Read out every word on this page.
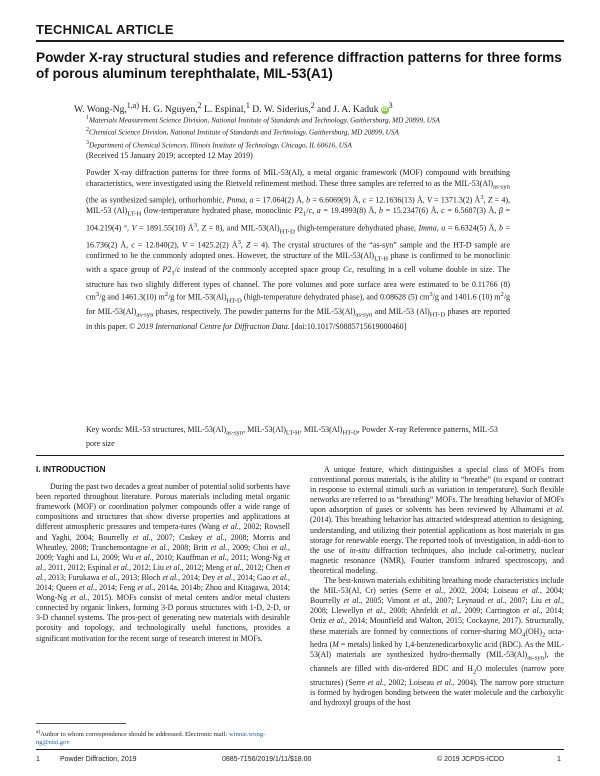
TECHNICAL ARTICLE
Powder X-ray structural studies and reference diffraction patterns for three forms of porous aluminum terephthalate, MIL-53(A1)
W. Wong-Ng,$^{1,a)}$ H. G. Nguyen,$^2$ L. Espinal,$^1$ D. W. Siderius,$^2$ and J. A. Kaduk $iD^3$
$^1$Materials Measurement Science Division, National Institute of Standards and Technology, Gaithersburg, MD 20899, USA
$^2$Chemical Science Division, National Institute of Standards and Technology, Gaithersburg, MD 20899, USA
$^3$Department of Chemical Sciences, Illinois Institute of Technology, Chicago, IL 60616, USA
(Received 15 January 2019; accepted 12 May 2019)

Powder X-ray diffraction patterns for three forms of MIL-53(Al), a metal organic framework (MOF) compound with breathing characteristics, were investigated using the Rietveld refinement method. These three samples are referred to as the MIL-$53(Al)_{as-syn}$ (the as synthesized sample), orthorhombic, Pnma, a = 17.064(2) Å, b = 6.6069(9) Å, c = 12.1636(13) Å, V = 1371.3(2) $Å^3$, Z = 4), MIL-53 $(Al)_{LT-H}$ (low-temperature hydrated phase, monoclinic $P2_1/c$, a = 19.4993(8) Å, b = 15.2347(6) Å, c = 6.5687(3) Å, β = 104.219(4) °, V = 1891.55(10) $Å^3$, Z = 8), and MIL-$53(Al)_{HT-D}$ (high-temperature dehydrated phase, Imma, a = 6.6324(5) Å, b = 16.736(2) Å, c = 12.840(2), V = 1425.2(2) $Å^3$, Z = 4). The crystal structures of the “as-syn” sample and the HT-D sample are confirmed to be the commonly adopted ones. However, the structure of the MIL-$53(Al)_{LT-H}$ phase is confirmed to be monoclinic with a space group of $P2_1/c$ instead of the commonly accepted space group Cc, resulting in a cell volume double in size. The structure has two slightly different types of channel. The pore volumes and pore surface area were estimated to be 0.11766 (8) $cm^3/g$ and 1461.3(10) $m^2/g$ for MIL-$53(Al)_{HT-D}$ (high-temperature dehydrated phase), and 0.08628 (5) $cm^3/g$ and 1401.6 (10) $m^2/g$ for MIL-$53(Al)_{as-syn}$ phases, respectively. The powder patterns for the MIL-$53(Al)_{as-syn}$ and MIL-53 $(Al)_{HT-D}$ phases are reported in this paper. © 2019 International Centre for Diffraction Data. [doi:10.1017/S0885715619000460]

Key words: MIL-53 structures, MIL-$53(Al)_{as-syn}$, MIL-$53(Al)_{LT-H}$, MIL-$53(Al)_{HT-D}$, Powder X-ray Reference patterns, MIL-53 pore size

I. INTRODUCTION

During the past two decades a great number of potential solid sorbents have been reported throughout literature. Porous materials including metal organic framework (MOF) or coordination polymer compounds offer a wide range of compositions and structures that show diverse properties and applications at different atmospheric pressures and tempera-tures (Wang et al., 2002; Rowsell and Yaghi, 2004; Bourrelly et al., 2007; Caskey et al., 2008; Morris and Wheatley, 2008; Tranchemontagne et al., 2008; Britt et al., 2009; Choi et al., 2009; Yaghi and Li, 2009; Wu et al., 2010; Kauffman et al., 2011; Wong-Ng et al., 2011, 2012; Espinal et al., 2012; Liu et al., 2012; Meng et al., 2012; Chen et al., 2013; Furukawa et al., 2013; Bloch et al., 2014; Dey et al., 2014; Gao et al., 2014; Queen et al., 2014; Feng et al., 2014a, 2014b; Zhou and Kitagawa, 2014; Wong-Ng et al., 2015). MOFs consist of metal centers and/or metal clusters connected by organic linkers, forming 3-D porous structures with 1-D, 2-D, or 3-D channel systems. The pros-pect of generating new materials with desirable porosity and topology, and technologically useful functions, provides a significant motivation for the recent surge of research interest in MOFs.

A unique feature, which distinguishes a special class of MOFs from conventional porous materials, is the ability to “breathe” (to expand or contract in response to external stimuli such as variation in temperature). Such flexible networks are referred to as “breathing” MOFs. The breathing behavior of MOFs upon adsorption of gases or solvents has been reviewed by Alhamami et al. (2014). This breathing behavior has attracted widespread attention to designing, understanding, and utilizing their potential applications as host materials in gas storage for renewable energy. The reported tools of investigation, in addi-tion to the use of in-situ diffraction techniques, also include cal-orimetry, nuclear magnetic resonance (NMR), Fourier transform infrared spectroscopy, and theoretical modeling.

The best-known materials exhibiting breathing mode characteristics include the MIL-53(Al, Cr) series (Serre et al., 2002, 2004; Loiseau et al., 2004; Bourrelly et al., 2005; Vimont et al., 2007; Leynaud et al., 2007; Liu et al., 2008; Llewellyn et al., 2008; Ahnfeldt et al., 2009; Carrington et al., 2014; Ortiz et al., 2014; Mounfield and Walton, 2015; Cockayne, 2017). Structurally, these materials are formed by connections of corner-sharing $MO_4(OH)_2$ octa-hedra (M = metals) linked by 1,4-benzenedicarboxylic acid (BDC). As the MIL-53(Al) materials are synthesized hydro-thermally $(MIL-53(Al)_{as-syn})$, the channels are filled with dis-ordered BDC and $H_2O$ molecules (narrow pore structures) (Serre et al., 2002; Loiseau et al., 2004). The narrow pore structure is formed by hydrogen bonding between the water molecule and the carboxylic and hydroxyl groups of the host

$^{a)}$Author to whom correspondence should be addressed. Electronic mail: winnie.wong-ng@nist.gov
1	Powder Diffraction, 2019	0885-7156/2019/1/11/$18.00	© 2019 JCPDS-ICDD	1
